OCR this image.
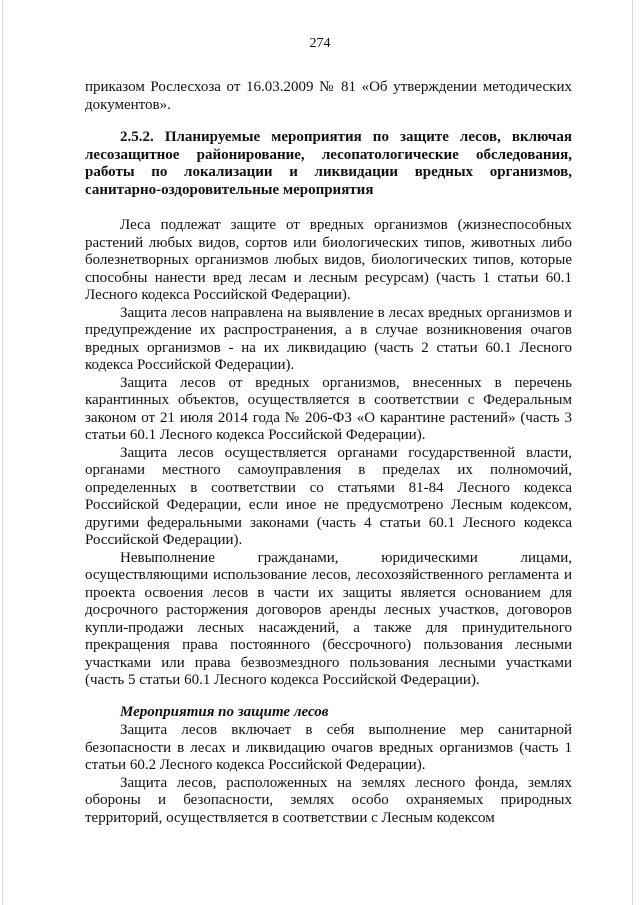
274

приказом Рослесхоза от 16.03.2009 № 81 «Об утверждении методических документов».

2.5.2. Планируемые мероприятия по защите лесов, включая лесозащитное районирование, лесопатологические обследования, работы по локализации и ликвидации вредных организмов, санитарно-оздоровительные мероприятия

Леса подлежат защите от вредных организмов (жизнеспособных растений любых видов, сортов или биологических типов, животных либо болезнетворных организмов любых видов, биологических типов, которые способны нанести вред лесам и лесным ресурсам) (часть 1 статьи 60.1 Лесного кодекса Российской Федерации).

Защита лесов направлена на выявление в лесах вредных организмов и предупреждение их распространения, а в случае возникновения очагов вредных организмов - на их ликвидацию (часть 2 статьи 60.1 Лесного кодекса Российской Федерации).

Защита лесов от вредных организмов, внесенных в перечень карантинных объектов, осуществляется в соответствии с Федеральным законом от 21 июля 2014 года № 206-ФЗ «О карантине растений» (часть 3 статьи 60.1 Лесного кодекса Российской Федерации).

Защита лесов осуществляется органами государственной власти, органами местного самоуправления в пределах их полномочий, определенных в соответствии со статьями 81-84 Лесного кодекса Российской Федерации, если иное не предусмотрено Лесным кодексом, другими федеральными законами (часть 4 статьи 60.1 Лесного кодекса Российской Федерации).

Невыполнение гражданами, юридическими лицами, осуществляющими использование лесов, лесохозяйственного регламента и проекта освоения лесов в части их защиты является основанием для досрочного расторжения договоров аренды лесных участков, договоров купли-продажи лесных насаждений, а также для принудительного прекращения права постоянного (бессрочного) пользования лесными участками или права безвозмездного пользования лесными участками (часть 5 статьи 60.1 Лесного кодекса Российской Федерации).

Мероприятия по защите лесов

Защита лесов включает в себя выполнение мер санитарной безопасности в лесах и ликвидацию очагов вредных организмов (часть 1 статьи 60.2 Лесного кодекса Российской Федерации).

Защита лесов, расположенных на землях лесного фонда, землях обороны и безопасности, землях особо охраняемых природных территорий, осуществляется в соответствии с Лесным кодексом
